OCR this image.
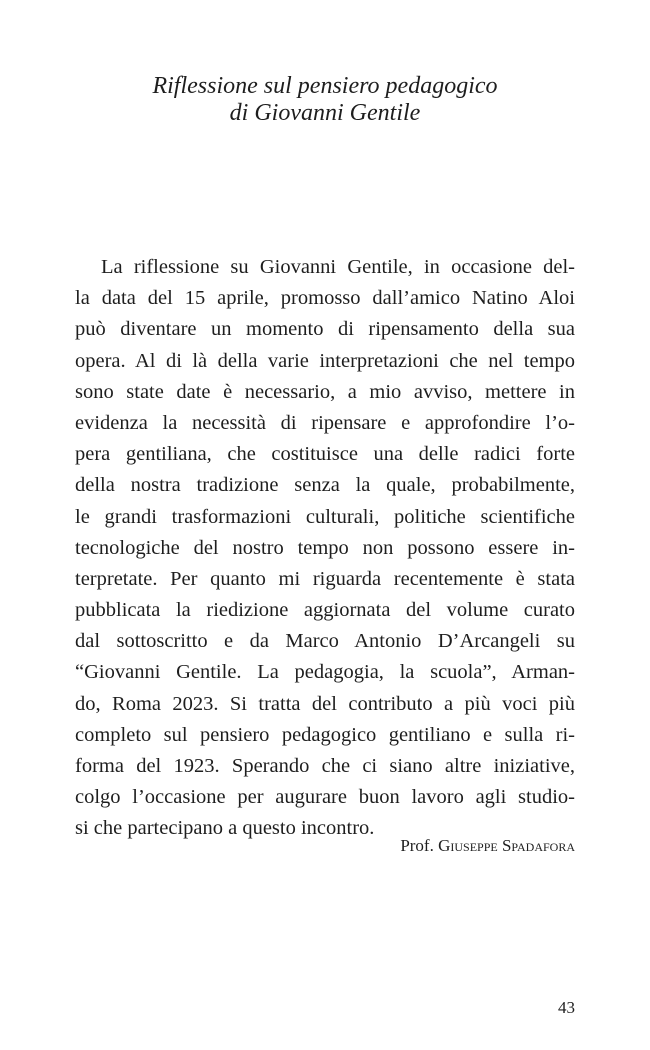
Riflessione sul pensiero pedagogico
di Giovanni Gentile
La riflessione su Giovanni Gentile, in occasione del-
la data del 15 aprile, promosso dall’amico Natino Aloi
può diventare un momento di ripensamento della sua
opera. Al di là della varie interpretazioni che nel tempo
sono state date è necessario, a mio avviso, mettere in
evidenza la necessità di ripensare e approfondire l’o-
pera gentiliana, che costituisce una delle radici forte
della nostra tradizione senza la quale, probabilmente,
le grandi trasformazioni culturali, politiche scientifiche
tecnologiche del nostro tempo non possono essere in-
terpretate. Per quanto mi riguarda recentemente è stata
pubblicata la riedizione aggiornata del volume curato
dal sottoscritto e da Marco Antonio D’Arcangeli su
“Giovanni Gentile. La pedagogia, la scuola”, Arman-
do, Roma 2023. Si tratta del contributo a più voci più
completo sul pensiero pedagogico gentiliano e sulla ri-
forma del 1923. Sperando che ci siano altre iniziative,
colgo l’occasione per augurare buon lavoro agli studio-
si che partecipano a questo incontro.
Prof. Giuseppe Spadafora
43
